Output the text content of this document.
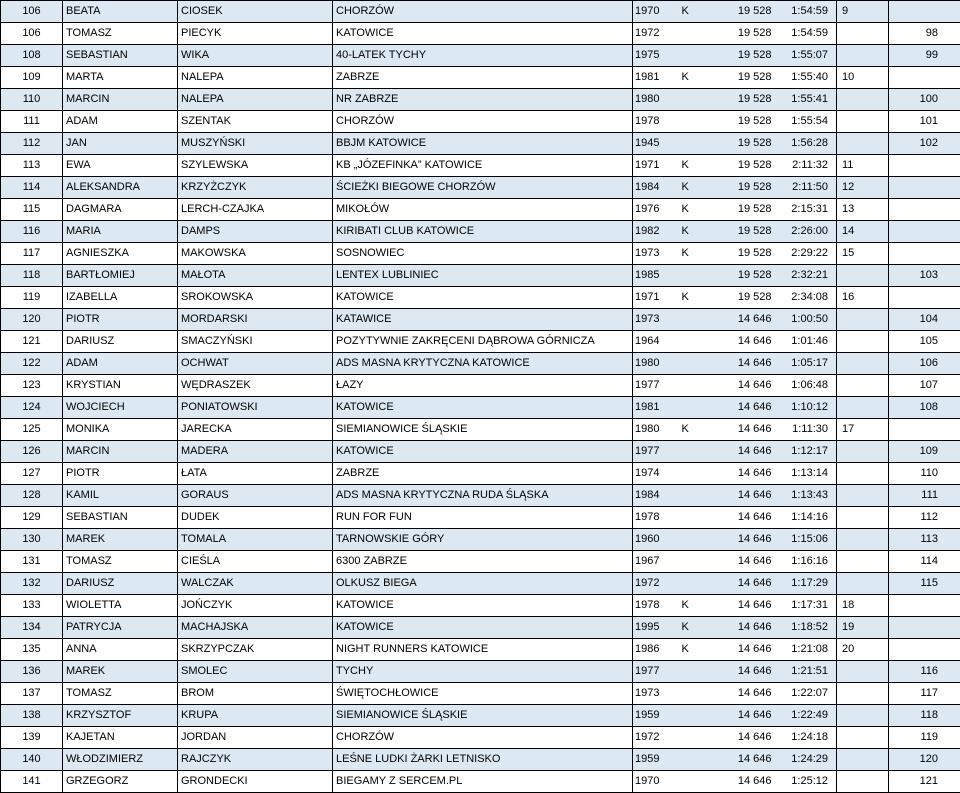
106	BEATA	CIOSEK	CHORZÓW	1970	K	19 528	1:54:59	9	
106	TOMASZ	PIECYK	KATOWICE	1972		19 528	1:54:59		98
108	SEBASTIAN	WIKA	40-LATEK TYCHY	1975		19 528	1:55:07		99
109	MARTA	NALEPA	ZABRZE	1981	K	19 528	1:55:40	10	
110	MARCIN	NALEPA	NR ZABRZE	1980		19 528	1:55:41		100
111	ADAM	SZENTAK	CHORZÓW	1978		19 528	1:55:54		101
112	JAN	MUSZYŃSKI	BBJM KATOWICE	1945		19 528	1:56:28		102
113	EWA	SZYLEWSKA	KB „JÓZEFINKA” KATOWICE	1971	K	19 528	2:11:32	11	
114	ALEKSANDRA	KRZYŻCZYK	ŚCIEŻKI BIEGOWE CHORZÓW	1984	K	19 528	2:11:50	12	
115	DAGMARA	LERCH-CZAJKA	MIKOŁÓW	1976	K	19 528	2:15:31	13	
116	MARIA	DAMPS	KIRIBATI CLUB KATOWICE	1982	K	19 528	2:26:00	14	
117	AGNIESZKA	MAKOWSKA	SOSNOWIEC	1973	K	19 528	2:29:22	15	
118	BARTŁOMIEJ	MAŁOTA	LENTEX LUBLINIEC	1985		19 528	2:32:21		103
119	IZABELLA	SROKOWSKA	KATOWICE	1971	K	19 528	2:34:08	16	
120	PIOTR	MORDARSKI	KATAWICE	1973		14 646	1:00:50		104
121	DARIUSZ	SMACZYŃSKI	POZYTYWNIE ZAKRĘCENI DĄBROWA GÓRNICZA	1964		14 646	1:01:46		105
122	ADAM	OCHWAT	ADS MASNA KRYTYCZNA KATOWICE	1980		14 646	1:05:17		106
123	KRYSTIAN	WĘDRASZEK	ŁAZY	1977		14 646	1:06:48		107
124	WOJCIECH	PONIATOWSKI	KATOWICE	1981		14 646	1:10:12		108
125	MONIKA	JARECKA	SIEMIANOWICE ŚLĄSKIE	1980	K	14 646	1:11:30	17	
126	MARCIN	MADERA	KATOWICE	1977		14 646	1:12:17		109
127	PIOTR	ŁATA	ZABRZE	1974		14 646	1:13:14		110
128	KAMIL	GORAUS	ADS MASNA KRYTYCZNA RUDA ŚLĄSKA	1984		14 646	1:13:43		111
129	SEBASTIAN	DUDEK	RUN FOR FUN	1978		14 646	1:14:16		112
130	MAREK	TOMALA	TARNOWSKIE GÓRY	1960		14 646	1:15:06		113
131	TOMASZ	CIEŚLA	6300 ZABRZE	1967		14 646	1:16:16		114
132	DARIUSZ	WALCZAK	OLKUSZ BIEGA	1972		14 646	1:17:29		115
133	WIOLETTA	JOŃCZYK	KATOWICE	1978	K	14 646	1:17:31	18	
134	PATRYCJA	MACHAJSKA	KATOWICE	1995	K	14 646	1:18:52	19	
135	ANNA	SKRZYPCZAK	NIGHT RUNNERS KATOWICE	1986	K	14 646	1:21:08	20	
136	MAREK	SMOLEC	TYCHY	1977		14 646	1:21:51		116
137	TOMASZ	BROM	ŚWIĘTOCHŁOWICE	1973		14 646	1:22:07		117
138	KRZYSZTOF	KRUPA	SIEMIANOWICE ŚLĄSKIE	1959		14 646	1:22:49		118
139	KAJETAN	JORDAN	CHORZÓW	1972		14 646	1:24:18		119
140	WŁODZIMIERZ	RAJCZYK	LEŚNE LUDKI ŻARKI LETNISKO	1959		14 646	1:24:29		120
141	GRZEGORZ	GRONDECKI	BIEGAMY Z SERCEM.PL	1970		14 646	1:25:12		121
